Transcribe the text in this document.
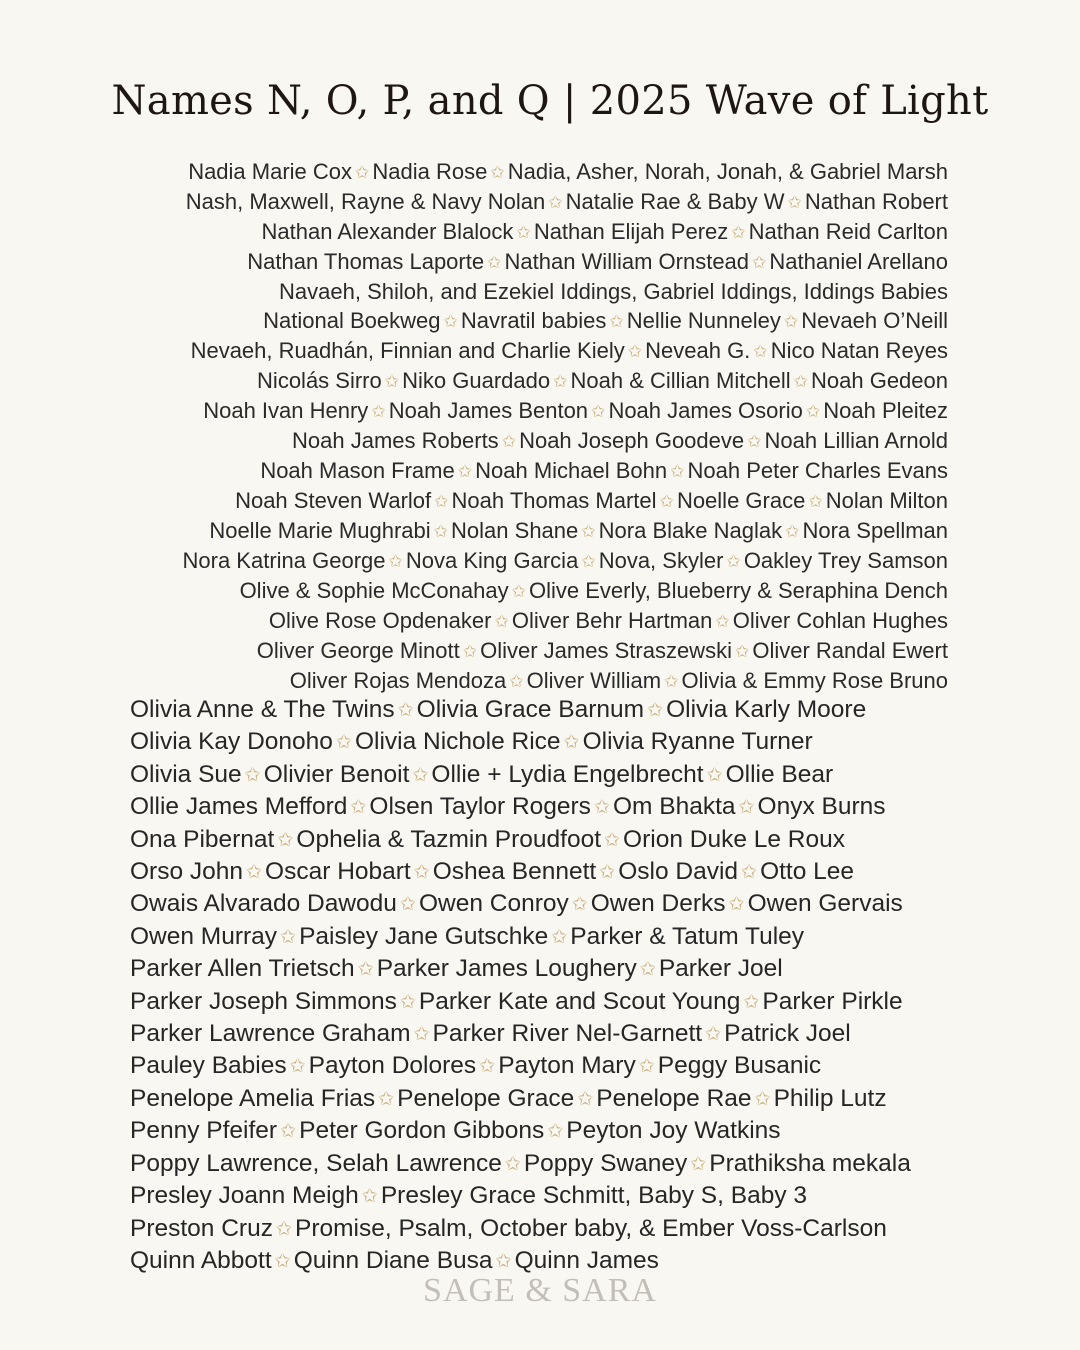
Names N, O, P, and Q | 2025 Wave of Light
Nadia Marie Cox ✩ Nadia Rose ✩ Nadia, Asher, Norah, Jonah, & Gabriel Marsh
Nash, Maxwell, Rayne & Navy Nolan ✩ Natalie Rae & Baby W ✩ Nathan Robert
Nathan Alexander Blalock ✩ Nathan Elijah Perez ✩ Nathan Reid Carlton
Nathan Thomas Laporte ✩ Nathan William Ornstead ✩ Nathaniel Arellano
Navaeh, Shiloh, and Ezekiel Iddings, Gabriel Iddings, Iddings Babies
National Boekweg ✩ Navratil babies ✩ Nellie Nunneley ✩ Nevaeh O’Neill
Nevaeh, Ruadhán, Finnian and Charlie Kiely ✩ Neveah G. ✩ Nico Natan Reyes
Nicolás Sirro ✩ Niko Guardado ✩ Noah & Cillian Mitchell ✩ Noah Gedeon
Noah Ivan Henry ✩ Noah James Benton ✩ Noah James Osorio ✩ Noah Pleitez
Noah James Roberts ✩ Noah Joseph Goodeve ✩ Noah Lillian Arnold
Noah Mason Frame ✩ Noah Michael Bohn ✩ Noah Peter Charles Evans
Noah Steven Warlof ✩ Noah Thomas Martel ✩ Noelle Grace ✩ Nolan Milton
Noelle Marie Mughrabi ✩ Nolan Shane ✩ Nora Blake Naglak ✩ Nora Spellman
Nora Katrina George ✩ Nova King Garcia ✩ Nova, Skyler ✩ Oakley Trey Samson
Olive & Sophie McConahay ✩ Olive Everly, Blueberry & Seraphina Dench
Olive Rose Opdenaker ✩ Oliver Behr Hartman ✩ Oliver Cohlan Hughes
Oliver George Minott ✩ Oliver James Straszewski ✩ Oliver Randal Ewert
Oliver Rojas Mendoza ✩ Oliver William ✩ Olivia & Emmy Rose Bruno
Olivia Anne & The Twins ✩ Olivia Grace Barnum ✩ Olivia Karly Moore
Olivia Kay Donoho ✩ Olivia Nichole Rice ✩ Olivia Ryanne Turner
Olivia Sue ✩ Olivier Benoit ✩ Ollie + Lydia Engelbrecht ✩ Ollie Bear
Ollie James Mefford ✩ Olsen Taylor Rogers ✩ Om Bhakta ✩ Onyx Burns
Ona Pibernat ✩ Ophelia & Tazmin Proudfoot ✩ Orion Duke Le Roux
Orso John ✩ Oscar Hobart ✩ Oshea Bennett ✩ Oslo David ✩ Otto Lee
Owais Alvarado Dawodu ✩ Owen Conroy ✩ Owen Derks ✩ Owen Gervais
Owen Murray ✩ Paisley Jane Gutschke ✩ Parker & Tatum Tuley
Parker Allen Trietsch ✩ Parker James Loughery ✩ Parker Joel
Parker Joseph Simmons ✩ Parker Kate and Scout Young ✩ Parker Pirkle
Parker Lawrence Graham ✩ Parker River Nel-Garnett ✩ Patrick Joel
Pauley Babies ✩ Payton Dolores ✩ Payton Mary ✩ Peggy Busanic
Penelope Amelia Frias ✩ Penelope Grace ✩ Penelope Rae ✩ Philip Lutz
Penny Pfeifer ✩ Peter Gordon Gibbons ✩ Peyton Joy Watkins
Poppy Lawrence, Selah Lawrence ✩ Poppy Swaney ✩ Prathiksha mekala
Presley Joann Meigh ✩ Presley Grace Schmitt, Baby S, Baby 3
Preston Cruz ✩ Promise, Psalm, October baby, & Ember Voss-Carlson
Quinn Abbott ✩ Quinn Diane Busa ✩ Quinn James
SAGE & SARA
